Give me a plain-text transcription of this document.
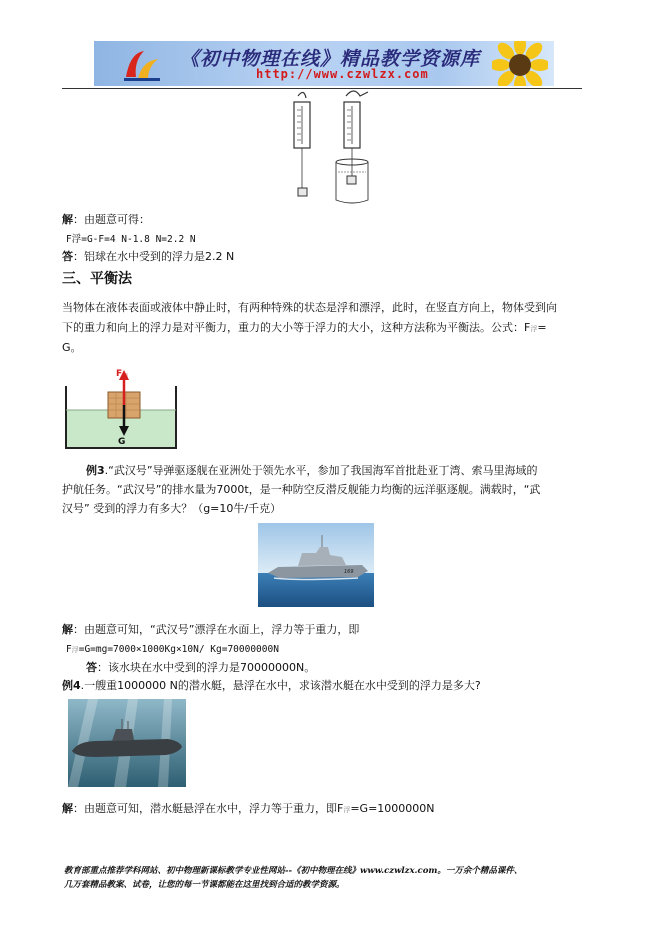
《初中物理在线》精品教学资源库
http://www.czwlzx.com
解：由题意可得：
F浮=G-F=4 N-1.8 N=2.2 N
答：铝球在水中受到的浮力是2.2 N
三、平衡法
当物体在液体表面或液体中静止时，有两种特殊的状态是浮和漂浮，此时，在竖直方向上，物体受到向
下的重力和向上的浮力是对平衡力，重力的大小等于浮力的大小，这种方法称为平衡法。公式：F浮=
G。
F 浮
G
例3.“武汉号”导弹驱逐舰在亚洲处于领先水平，参加了我国海军首批赴亚丁湾、索马里海域的
护航任务。“武汉号”的排水量为7000t，是一种防空反潜反舰能力均衡的远洋驱逐舰。满载时，“武
汉号” 受到的浮力有多大？（g=10牛/千克）
169
解：由题意可知，“武汉号”漂浮在水面上，浮力等于重力，即
F浮=G=mg=7000×1000Kg×10N/ Kg=70000000N
答：该水块在水中受到的浮力是70000000N。
例4.一艘重1000000 N的潜水艇，悬浮在水中，求该潜水艇在水中受到的浮力是多大?
解：由题意可知，潜水艇悬浮在水中，浮力等于重力，即F浮=G=1000000N
教育部重点推荐学科网站、初中物理新课标教学专业性网站--《初中物理在线》www.czwlzx.com。一万余个精品课件、
几万套精品教案、试卷，让您的每一节课都能在这里找到合适的教学资源。
